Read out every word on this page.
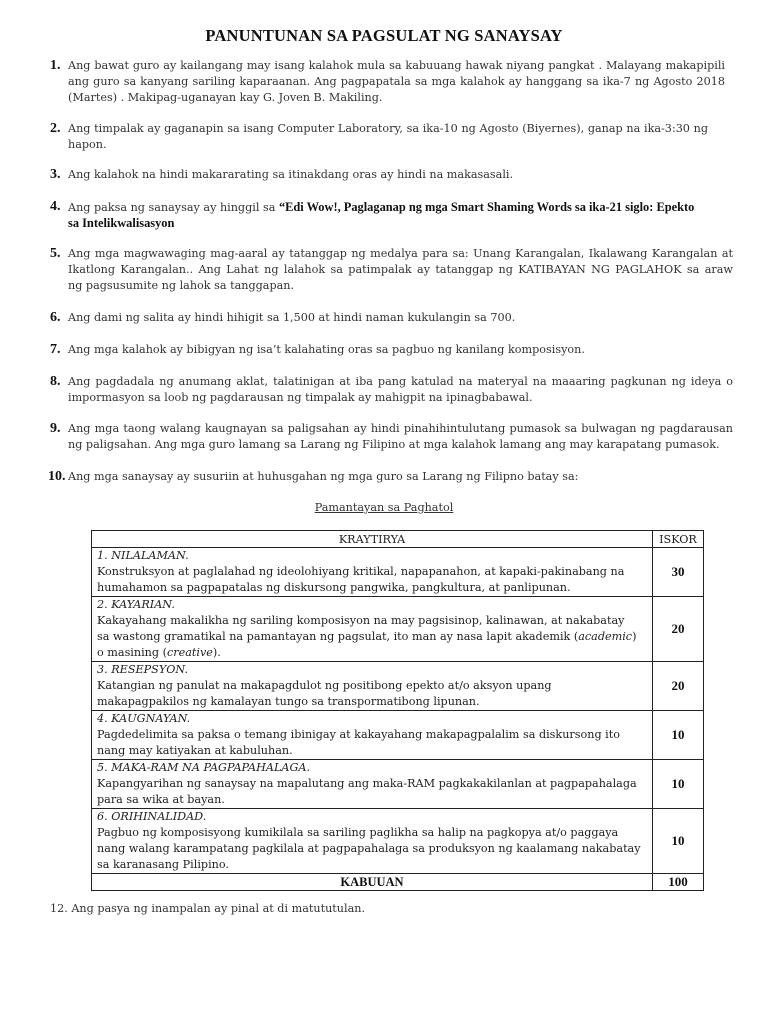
PANUNTUNAN SA PAGSULAT NG SANAYSAY
1. Ang bawat guro ay kailangang may isang kalahok mula sa kabuuang hawak niyang pangkat . Malayang makapipili
ang guro sa kanyang sariling kaparaanan. Ang pagpapatala sa mga kalahok ay hanggang sa ika-7 ng Agosto 2018
(Martes) . Makipag-uganayan kay G. Joven B. Makiling.
2. Ang timpalak ay gaganapin sa isang Computer Laboratory, sa ika-10 ng Agosto (Biyernes), ganap na ika-3:30 ng
hapon.
3. Ang kalahok na hindi makararating sa itinakdang oras ay hindi na makasasali.
4. Ang paksa ng sanaysay ay hinggil sa “Edi Wow!, Paglaganap ng mga Smart Shaming Words sa ika-21 siglo: Epekto
sa Intelikwalisasyon
5. Ang mga magwawaging mag-aaral ay tatanggap ng medalya para sa: Unang Karangalan, Ikalawang Karangalan at
Ikatlong Karangalan.. Ang Lahat ng lalahok sa patimpalak ay tatanggap ng KATIBAYAN NG PAGLAHOK sa araw
ng pagsusumite ng lahok sa tanggapan.
6. Ang dami ng salita ay hindi hihigit sa 1,500 at hindi naman kukulangin sa 700.
7. Ang mga kalahok ay bibigyan ng isa’t kalahating oras sa pagbuo ng kanilang komposisyon.
8. Ang pagdadala ng anumang aklat, talatinigan at iba pang katulad na materyal na maaaring pagkunan ng ideya o
impormasyon sa loob ng pagdarausan ng timpalak ay mahigpit na ipinagbabawal.
9. Ang mga taong walang kaugnayan sa paligsahan ay hindi pinahihintulutang pumasok sa bulwagan ng pagdarausan
ng paligsahan. Ang mga guro lamang sa Larang ng Filipino at mga kalahok lamang ang may karapatang pumasok.
10. Ang mga sanaysay ay susuriin at huhusgahan ng mga guro sa Larang ng Filipno batay sa:
Pamantayan sa Paghatol
KRAYTIRYA	ISKOR

1. NILALAMAN.
Konstruksyon at paglalahad ng ideolohiyang kritikal, napapanahon, at kapaki-pakinabang na
humahamon sa pagpapatalas ng diskursong pangwika, pangkultura, at panlipunan.	30

2. KAYARIAN.
Kakayahang makalikha ng sariling komposisyon na may pagsisinop, kalinawan, at nakabatay
sa wastong gramatikal na pamantayan ng pagsulat, ito man ay nasa lapit akademik (academic)
o masining (creative).	20

3. RESEPSYON.
Katangian ng panulat na makapagdulot ng positibong epekto at/o aksyon upang
makapagpakilos ng kamalayan tungo sa transpormatibong lipunan.	20

4. KAUGNAYAN.
Pagdedelimita sa paksa o temang ibinigay at kakayahang makapagpalalim sa diskursong ito
nang may katiyakan at kabuluhan.	10

5. MAKA-RAM NA PAGPAPAHALAGA.
Kapangyarihan ng sanaysay na mapalutang ang maka-RAM pagkakakilanlan at pagpapahalaga
para sa wika at bayan.	10

6. ORIHINALIDAD.
Pagbuo ng komposisyong kumikilala sa sariling paglikha sa halip na pagkopya at/o paggaya
nang walang karampatang pagkilala at pagpapahalaga sa produksyon ng kaalamang nakabatay
sa karanasang Pilipino.	10
KABUUAN	100
12. Ang pasya ng inampalan ay pinal at di matututulan.
